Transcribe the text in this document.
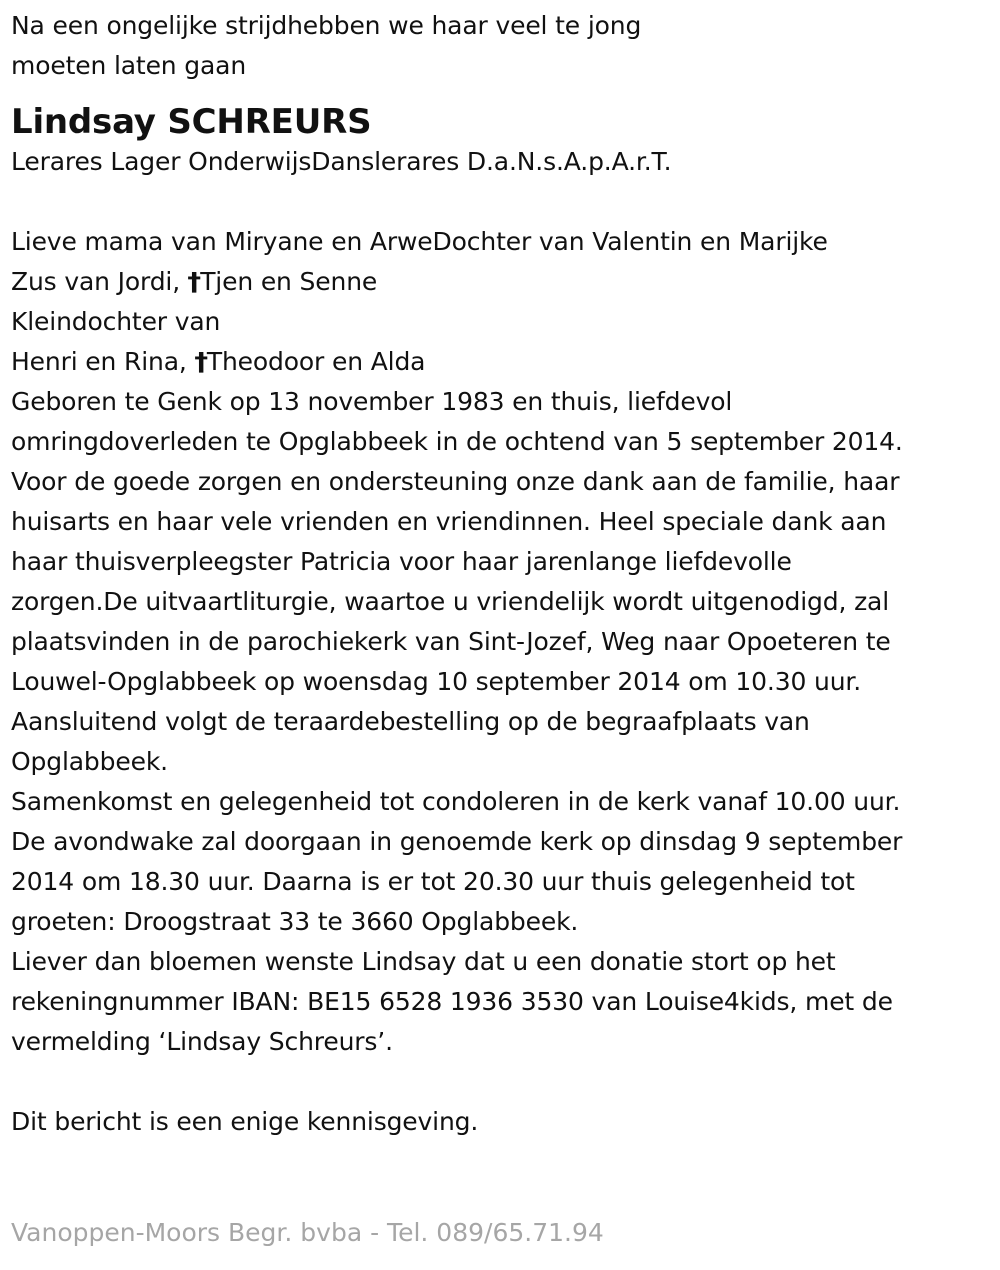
Na een ongelijke strijdhebben we haar veel te jong
moeten laten gaan
Lindsay SCHREURS
Lerares Lager OnderwijsDanslerares D.a.N.s.A.p.A.r.T.
Lieve mama van Miryane en ArweDochter van Valentin en Marijke
Zus van Jordi, †Tjen en Senne
Kleindochter van
Henri en Rina, †Theodoor en Alda
Geboren te Genk op 13 november 1983 en thuis, liefdevol
omringdoverleden te Opglabbeek in de ochtend van 5 september 2014.
Voor de goede zorgen en ondersteuning onze dank aan de familie, haar
huisarts en haar vele vrienden en vriendinnen. Heel speciale dank aan
haar thuisverpleegster Patricia voor haar jarenlange liefdevolle
zorgen.De uitvaartliturgie, waartoe u vriendelijk wordt uitgenodigd, zal
plaatsvinden in de parochiekerk van Sint-Jozef, Weg naar Opoeteren te
Louwel-Opglabbeek op woensdag 10 september 2014 om 10.30 uur.
Aansluitend volgt de teraardebestelling op de begraafplaats van
Opglabbeek.
Samenkomst en gelegenheid tot condoleren in de kerk vanaf 10.00 uur.
De avondwake zal doorgaan in genoemde kerk op dinsdag 9 september
2014 om 18.30 uur. Daarna is er tot 20.30 uur thuis gelegenheid tot
groeten: Droogstraat 33 te 3660 Opglabbeek.
Liever dan bloemen wenste Lindsay dat u een donatie stort op het
rekeningnummer IBAN: BE15 6528 1936 3530 van Louise4kids, met de
vermelding ‘Lindsay Schreurs’.
Dit bericht is een enige kennisgeving.
Vanoppen-Moors Begr. bvba - Tel. 089/65.71.94
